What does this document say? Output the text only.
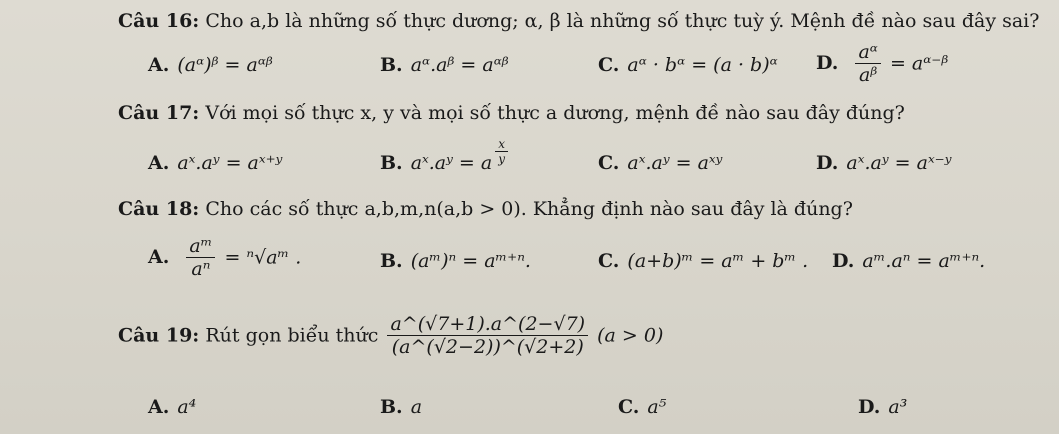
Câu 16: Cho a,b là những số thực dương; α, β là những số thực tuỳ ý. Mệnh đề nào sau đây sai?
A. (aᵅ)ᵝ = aᵅᵝ	B. aᵅ.aᵝ = aᵅᵝ	C. aᵅ · bᵅ = (a · b)ᵅ D. $\frac{\text{aᵅ}}{\text{aᵝ}}$ = aᵅ⁻ᵝ
Câu 17: Với mọi số thực x, y và mọi số thực a dương, mệnh đề nào sau đây đúng?
A. aˣ.aʸ = aˣ⁺ʸ	B. aˣ.aʸ = a $\frac{x}{y}$	C. aˣ.aʸ = aˣʸ	D. aˣ.aʸ = aˣ⁻ʸ
Câu 18: Cho các số thực a,b,m,n(a,b > 0). Khẳng định nào sau đây là đúng?
A. $\frac{\text{aᵐ}}{\text{aⁿ}}$ = ⁿ√aᵐ .	B. (aᵐ)ⁿ = aᵐ⁺ⁿ.	C. (a+b)ᵐ = aᵐ + bᵐ . D. aᵐ.aⁿ = aᵐ⁺ⁿ.
Câu 19: Rút gọn biểu thức $\frac{a\^{}(√7+1).a\^{}(2-√7)}{(a\^{}(√2-2))\^{}(√2+2)} (a > 0)$
A. a⁴	B. a	C. a⁵	D. a³
